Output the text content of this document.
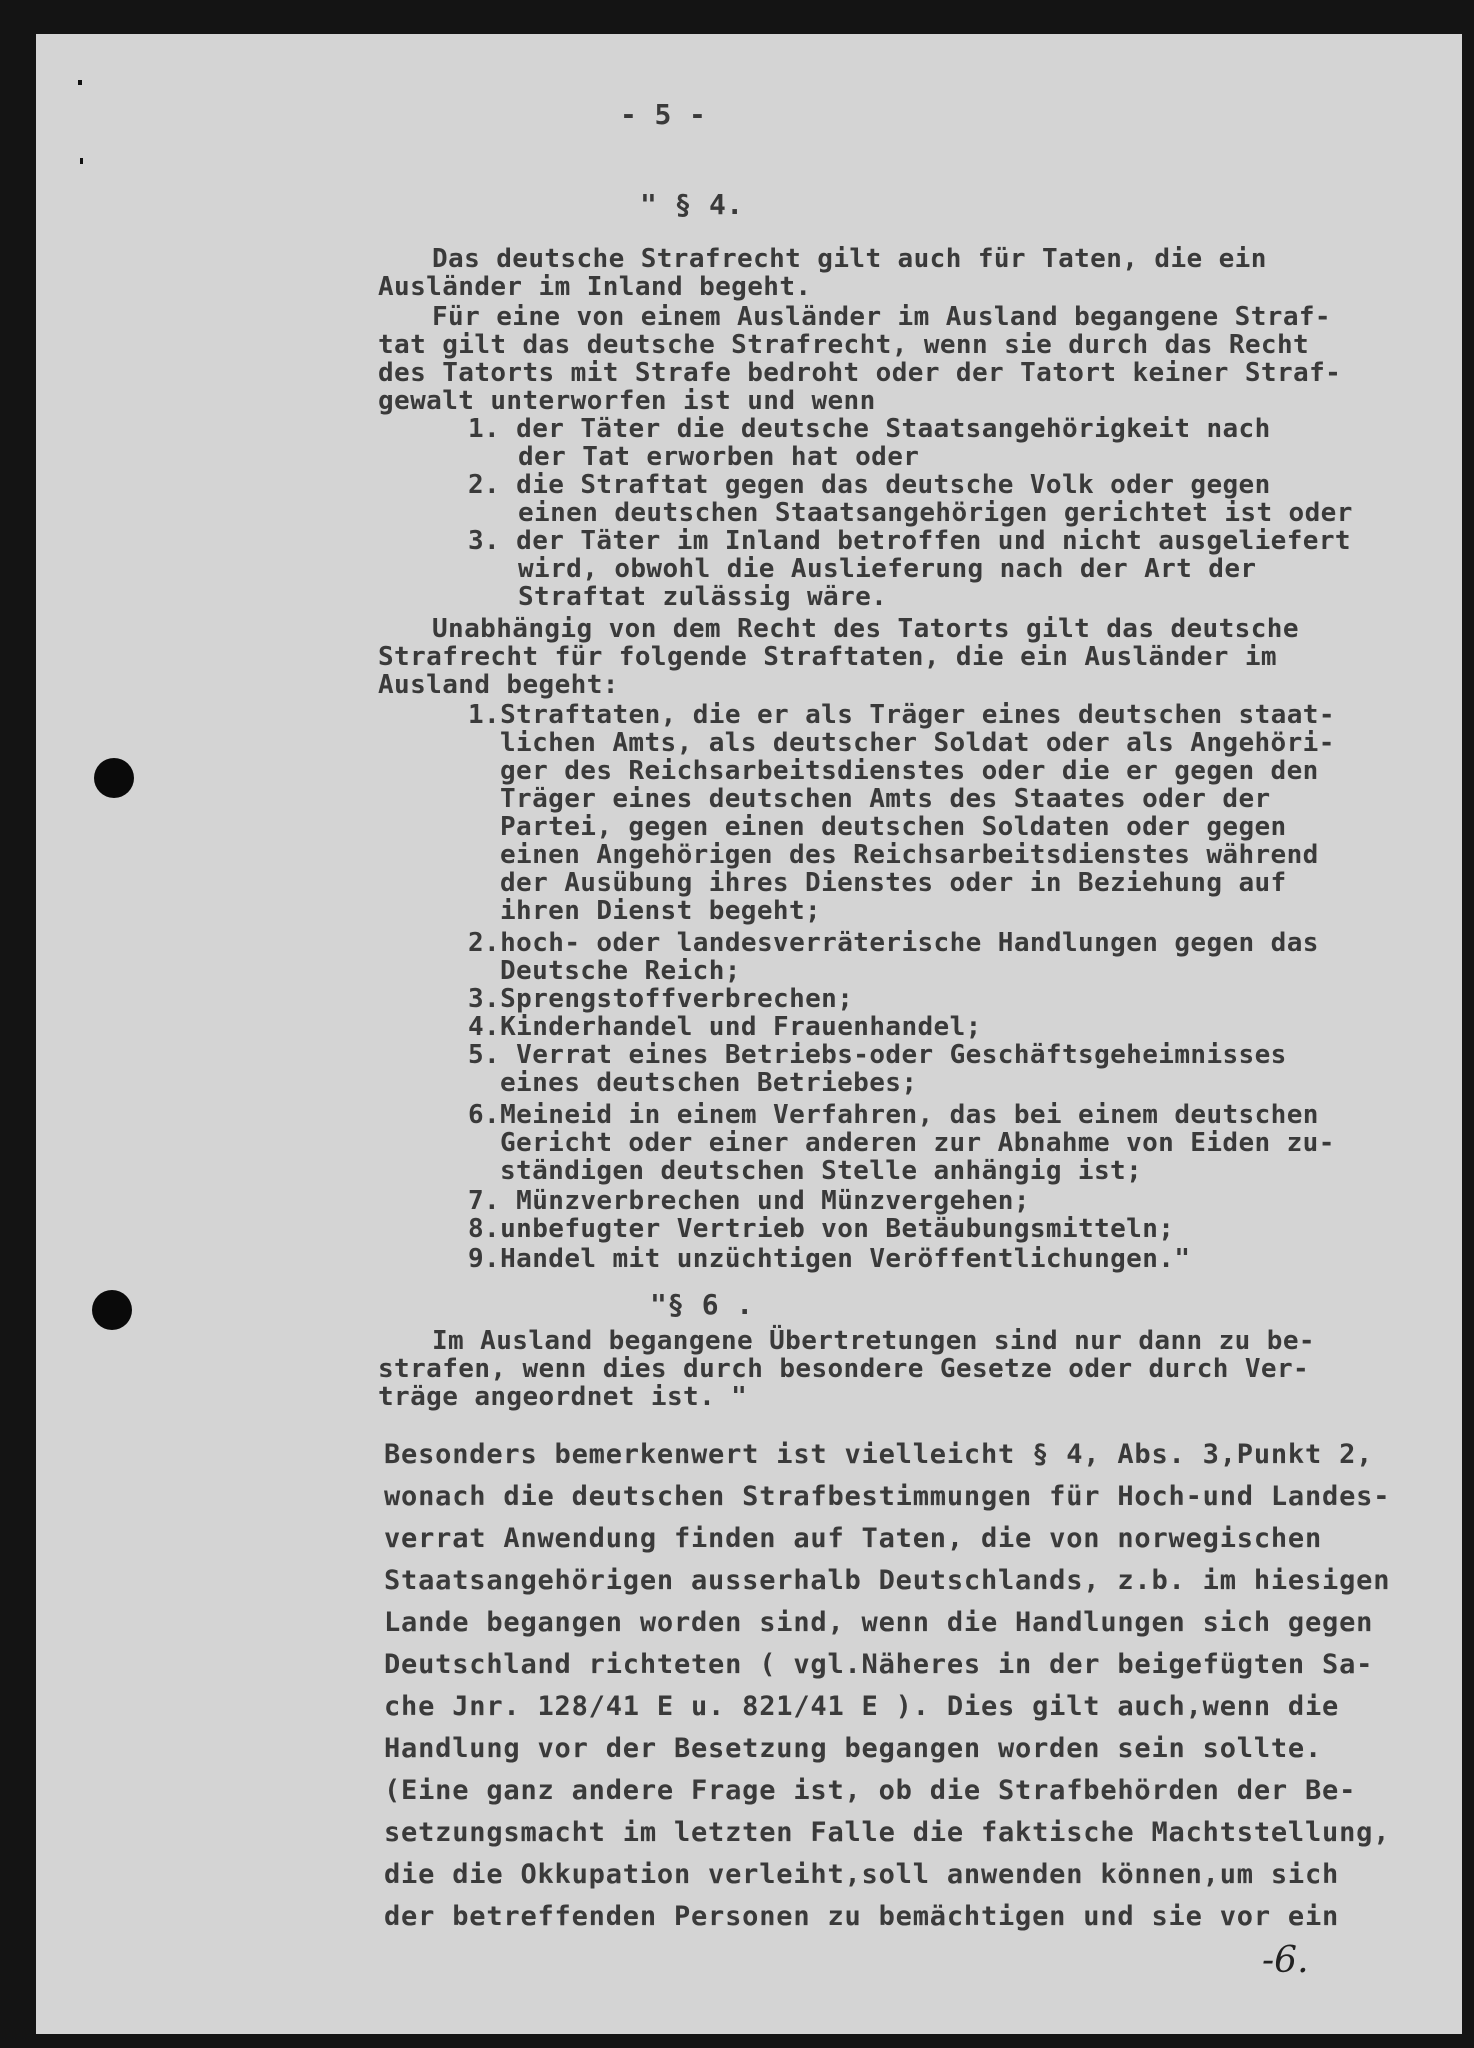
- 5 -
" § 4.
"§ 6 .
-6.
Das deutsche Strafrecht gilt auch für Taten, die ein
Ausländer im Inland begeht.
Für eine von einem Ausländer im Ausland begangene Straf-
tat gilt das deutsche Strafrecht, wenn sie durch das Recht
des Tatorts mit Strafe bedroht oder der Tatort keiner Straf-
gewalt unterworfen ist und wenn
1. der Täter die deutsche Staatsangehörigkeit nach
der Tat erworben hat oder
2. die Straftat gegen das deutsche Volk oder gegen
einen deutschen Staatsangehörigen gerichtet ist oder
3. der Täter im Inland betroffen und nicht ausgeliefert
wird, obwohl die Auslieferung nach der Art der
Straftat zulässig wäre.
Unabhängig von dem Recht des Tatorts gilt das deutsche
Strafrecht für folgende Straftaten, die ein Ausländer im
Ausland begeht:
1.Straftaten, die er als Träger eines deutschen staat-
lichen Amts, als deutscher Soldat oder als Angehöri-
ger des Reichsarbeitsdienstes oder die er gegen den
Träger eines deutschen Amts des Staates oder der
Partei, gegen einen deutschen Soldaten oder gegen
einen Angehörigen des Reichsarbeitsdienstes während
der Ausübung ihres Dienstes oder in Beziehung auf
ihren Dienst begeht;
2.hoch- oder landesverräterische Handlungen gegen das
Deutsche Reich;
3.Sprengstoffverbrechen;
4.Kinderhandel und Frauenhandel;
5. Verrat eines Betriebs-oder Geschäftsgeheimnisses
eines deutschen Betriebes;
6.Meineid in einem Verfahren, das bei einem deutschen
Gericht oder einer anderen zur Abnahme von Eiden zu-
ständigen deutschen Stelle anhängig ist;
7. Münzverbrechen und Münzvergehen;
8.unbefugter Vertrieb von Betäubungsmitteln;
9.Handel mit unzüchtigen Veröffentlichungen."
Im Ausland begangene Übertretungen sind nur dann zu be-
strafen, wenn dies durch besondere Gesetze oder durch Ver-
träge angeordnet ist. "
Besonders bemerkenwert ist vielleicht § 4, Abs. 3,Punkt 2,
wonach die deutschen Strafbestimmungen für Hoch-und Landes-
verrat Anwendung finden auf Taten, die von norwegischen
Staatsangehörigen ausserhalb Deutschlands, z.b. im hiesigen
Lande begangen worden sind, wenn die Handlungen sich gegen
Deutschland richteten ( vgl.Näheres in der beigefügten Sa-
che Jnr. 128/41 E u. 821/41 E ). Dies gilt auch,wenn die
Handlung vor der Besetzung begangen worden sein sollte.
(Eine ganz andere Frage ist, ob die Strafbehörden der Be-
setzungsmacht im letzten Falle die faktische Machtstellung,
die die Okkupation verleiht,soll anwenden können,um sich
der betreffenden Personen zu bemächtigen und sie vor ein
